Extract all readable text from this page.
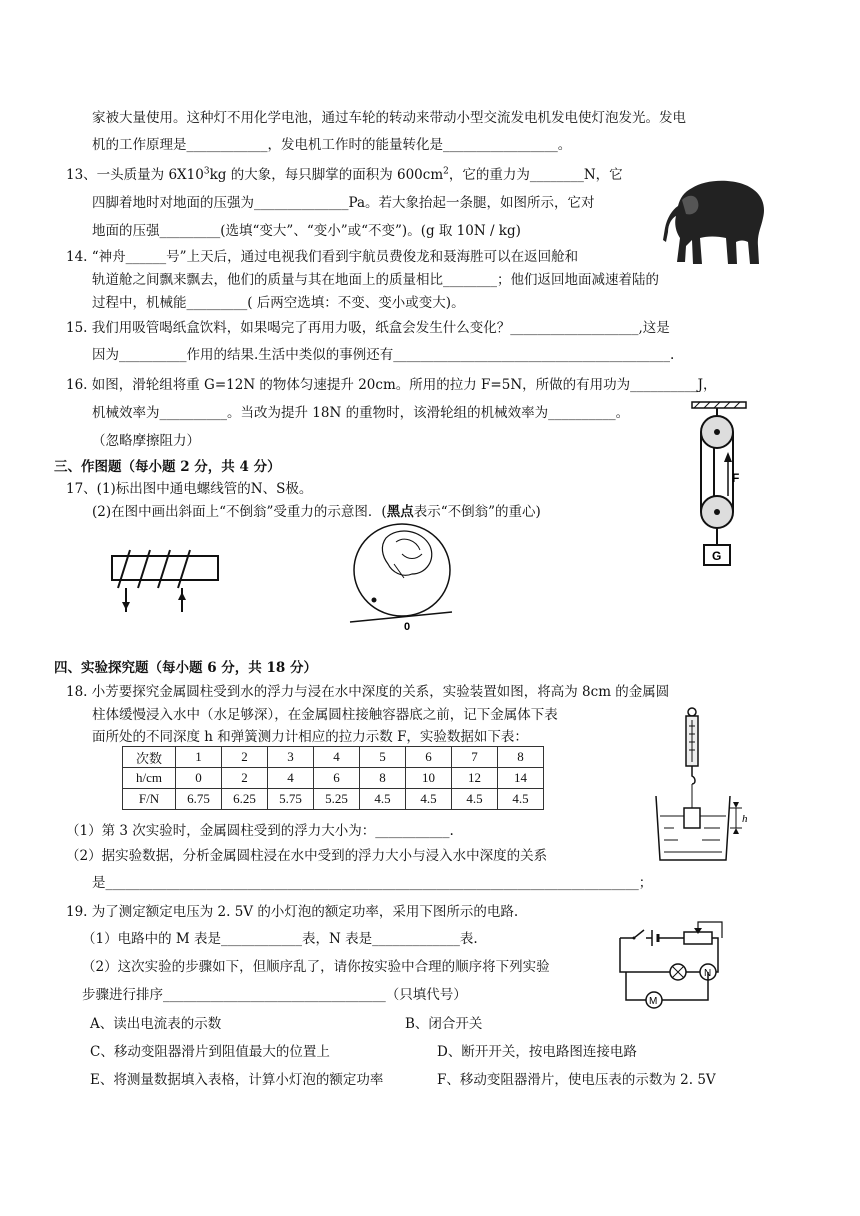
家被大量使用。这种灯不用化学电池，通过车轮的转动来带动小型交流发电机发电使灯泡发光。发电
机的工作原理是____________，发电机工作时的能量转化是_________________。
13、一头质量为 $6X10^3kg$ 的大象，每只脚掌的面积为 $600cm^2$，它的重力为________N，它
四脚着地时对地面的压强为______________Pa。若大象抬起一条腿，如图所示，它对
地面的压强_________(选填“变大”、“变小”或“不变”)。(g 取 10N / kg)
14. “神舟______号”上天后，通过电视我们看到宇航员费俊龙和聂海胜可以在返回舱和
轨道舱之间飘来飘去，他们的质量与其在地面上的质量相比________；他们返回地面减速着陆的
过程中，机械能_________( 后两空选填：不变、变小或变大)。
15. 我们用吸管喝纸盒饮料，如果喝完了再用力吸，纸盒会发生什么变化？___________________,这是
因为__________作用的结果.生活中类似的事例还有_________________________________________.
16. 如图，滑轮组将重 G=12N 的物体匀速提升 20cm。所用的拉力 F=5N，所做的有用功为__________J，
机械效率为__________。当改为提升 18N 的重物时，该滑轮组的机械效率为__________。
（忽略摩擦阻力）
三、作图题（每小题 2 分，共 4 分）
17、(1)标出图中通电螺线管的N、S极。
(2)在图中画出斜面上“不倒翁”受重力的示意图．(黑点表示“不倒翁”的重心)
四、实验探究题（每小题 6 分，共 18 分）
18. 小芳要探究金属圆柱受到水的浮力与浸在水中深度的关系，实验装置如图，将高为 8cm 的金属圆
柱体缓慢浸入水中（水足够深），在金属圆柱接触容器底之前，记下金属体下表
面所处的不同深度 h 和弹簧测力计相应的拉力示数 F，实验数据如下表：
次数	1	2	3	4	5	6	7	8
h/cm	0	2	4	6	8	10	12	14
F/N	6.75	6.25	5.75	5.25	4.5	4.5	4.5	4.5
（1）第 3 次实验时，金属圆柱受到的浮力大小为：___________.
（2）据实验数据，分析金属圆柱浸在水中受到的浮力大小与浸入水中深度的关系
是_______________________________________________________________________________；
19. 为了测定额定电压为 2. 5V 的小灯泡的额定功率，采用下图所示的电路.
（1）电路中的 M 表是____________表，N 表是_____________表.
（2）这次实验的步骤如下，但顺序乱了，请你按实验中合理的顺序将下列实验
步骤进行排序_________________________________（只填代号）
A、读出电流表的示数	B、闭合开关
C、移动变阻器滑片到阻值最大的位置上	D、断开开关，按电路图连接电路
E、将测量数据填入表格，计算小灯泡的额定功率	F、移动变阻器滑片，使电压表的示数为 2. 5V
F
G
0
h
N
M
